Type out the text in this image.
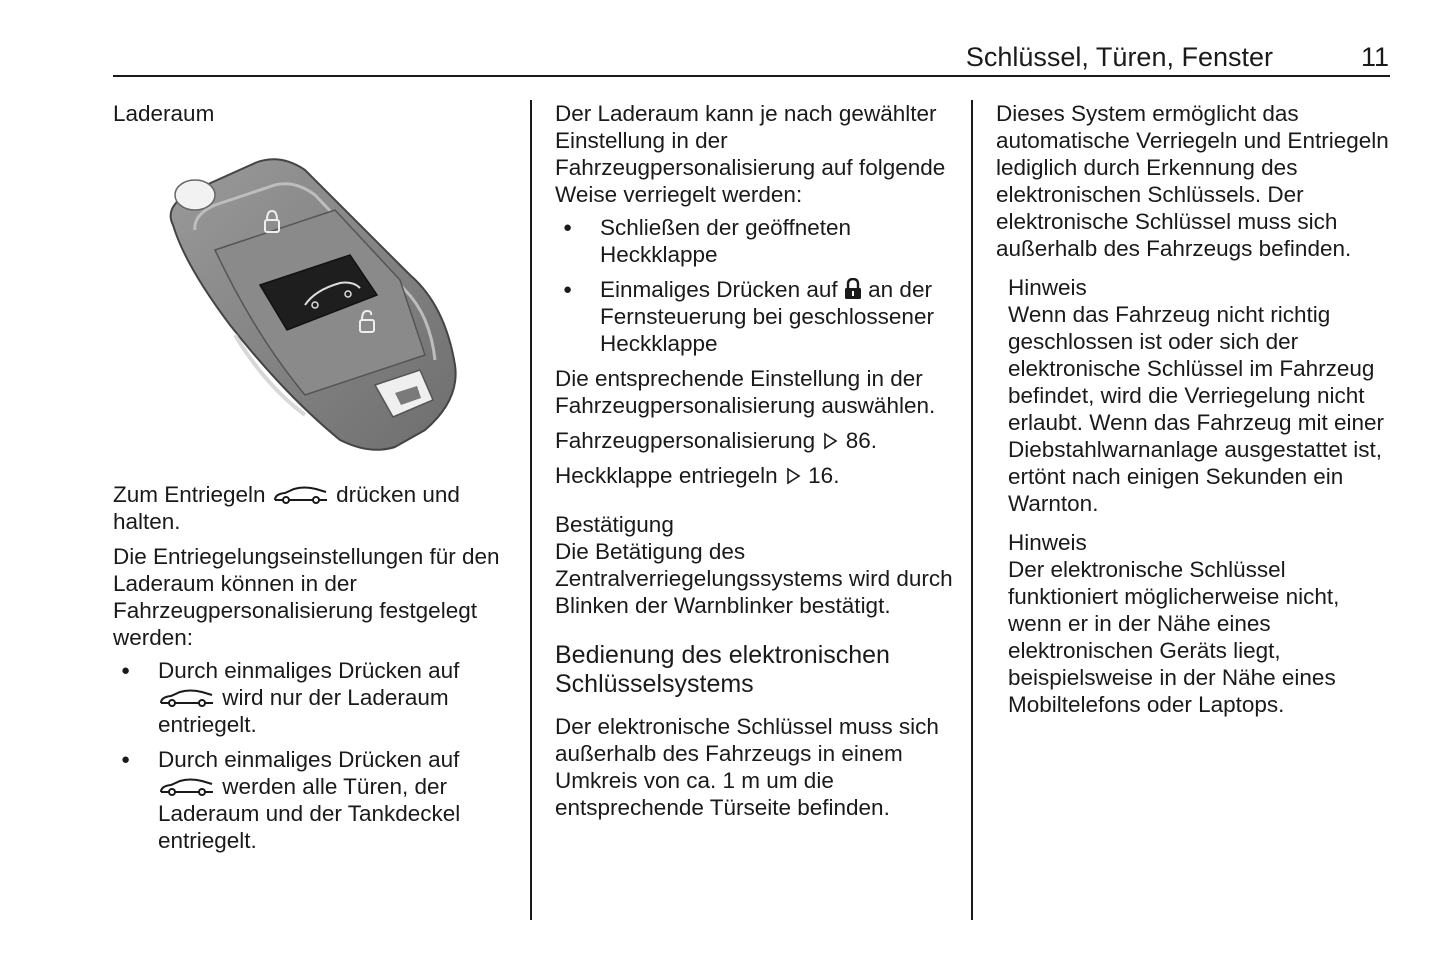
Schlüssel, Türen, Fenster	11

Laderaum

Zum Entriegeln	drücken und halten.

Die Entriegelungseinstellungen für den Laderaum können in der Fahrzeugpersonalisierung festgelegt werden:

● Durch einmaliges Drücken auf  wird nur der Laderaum entriegelt.
● Durch einmaliges Drücken auf  werden alle Türen, der Laderaum und der Tankdeckel entriegelt.

Der Laderaum kann je nach gewählter Einstellung in der Fahrzeugpersonalisierung auf folgende Weise verriegelt werden:

● Schließen der geöffneten Heckklappe
● Einmaliges Drücken auf an der Fernsteuerung bei geschlossener Heckklappe

Die entsprechende Einstellung in der Fahrzeugpersonalisierung auswählen.

Fahrzeugpersonalisierung 86.

Heckklappe entriegeln 16.

Bestätigung

Die Betätigung des Zentralverriegelungssystems wird durch Blinken der Warnblinker bestätigt.

Bedienung des elektronischen Schlüsselsystems

Der elektronische Schlüssel muss sich außerhalb des Fahrzeugs in einem Umkreis von ca. 1 m um die entsprechende Türseite befinden.

Dieses System ermöglicht das automatische Verriegeln und Entriegeln lediglich durch Erkennung des elektronischen Schlüssels. Der elektronische Schlüssel muss sich außerhalb des Fahrzeugs befinden.

Hinweis

Wenn das Fahrzeug nicht richtig geschlossen ist oder sich der elektronische Schlüssel im Fahrzeug befindet, wird die Verriegelung nicht erlaubt. Wenn das Fahrzeug mit einer Diebstahlwarnanlage ausgestattet ist, ertönt nach einigen Sekunden ein Warnton.

Hinweis

Der elektronische Schlüssel funktioniert möglicherweise nicht, wenn er in der Nähe eines elektronischen Geräts liegt, beispielsweise in der Nähe eines Mobiltelefons oder Laptops.
